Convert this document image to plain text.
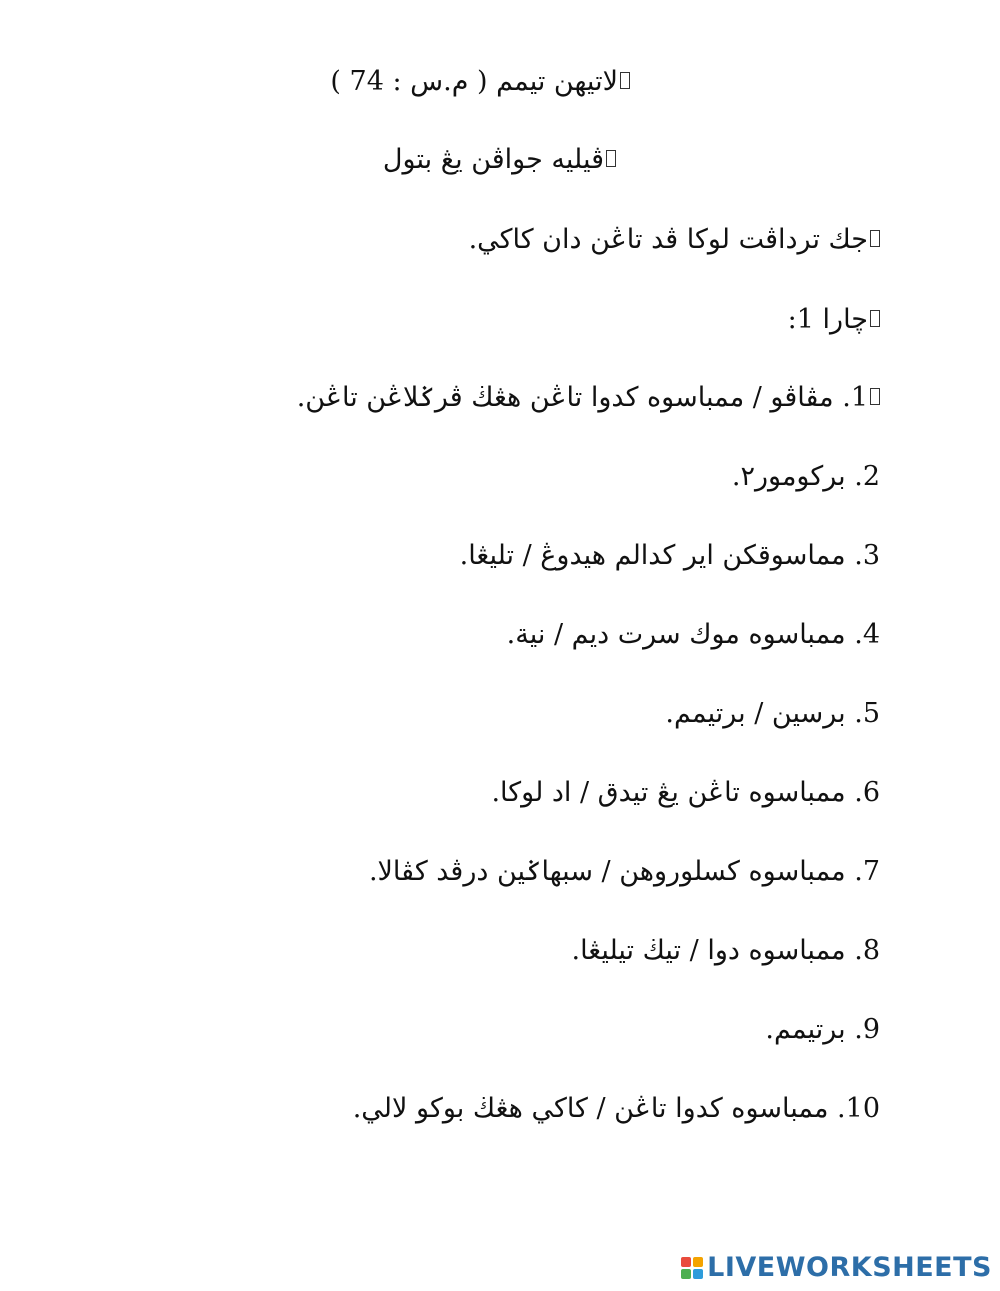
لاتيهن تيمم ( م.س : 74 )
ڤيليه جواڤن يڠ بتول
جك ترداڤت لوكا ڤد تاڠن دان كاكي.
چارا 1:
1. مڤاڤو / ممباسوه كدوا تاڠن هڠڬ ڤرݢلاڠن تاڠن.
2. بركومور٢.
3. مماسوقكن اير كدالم هيدوڠ / تليڠا.
4. ممباسوه موك سرت ديم / نية.
5. برسين / برتيمم.
6. ممباسوه تاڠن يڠ تيدق / اد لوكا.
7. ممباسوه كسلوروهن / سبهاݢين درڤد كڤالا.
8. ممباسوه دوا / تيڬ تيليڠا.
9. برتيمم.
10. ممباسوه كدوا تاڠن / كاكي هڠڬ بوكو لالي.
LIVEWORKSHEETS
